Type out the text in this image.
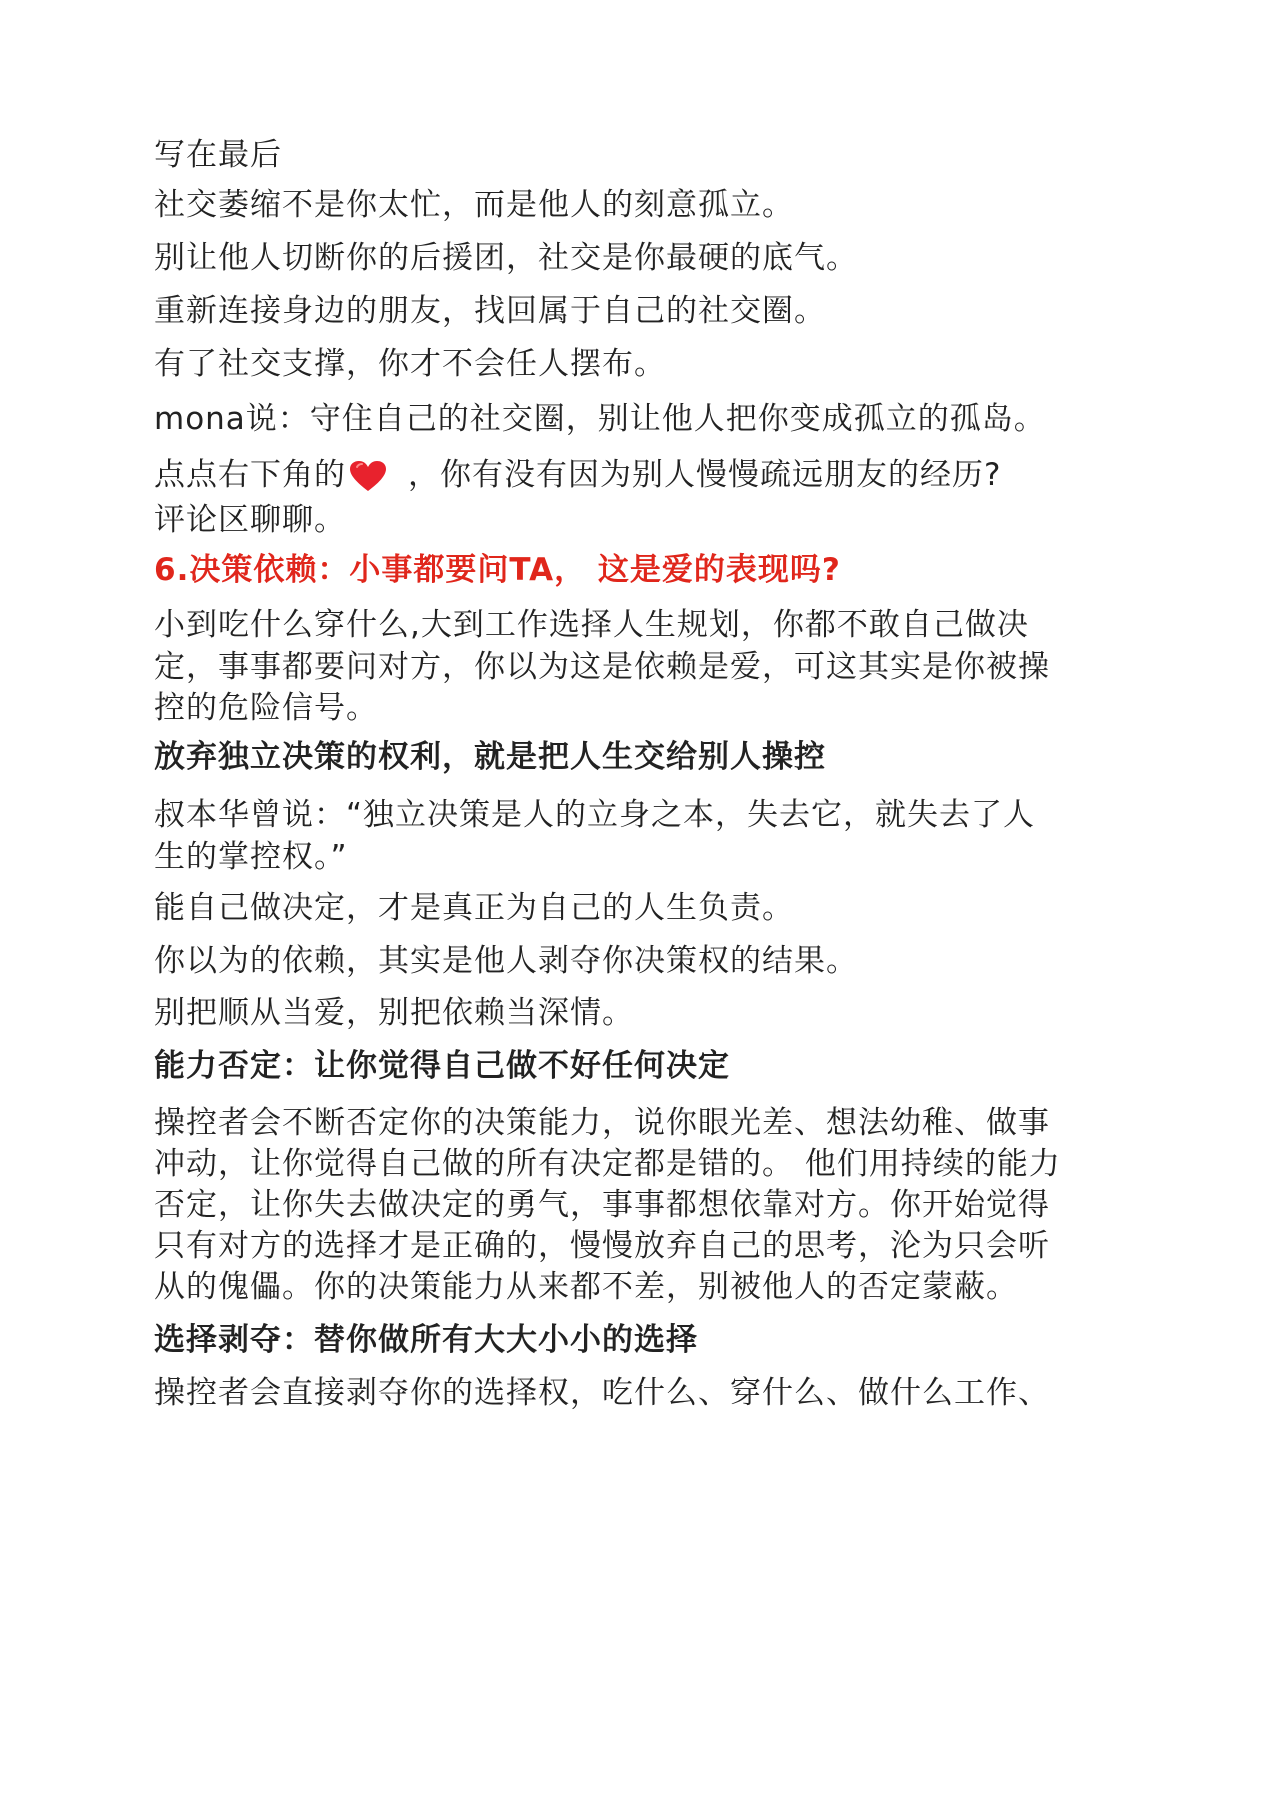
写在最后
社交萎缩不是你太忙，而是他人的刻意孤立。
别让他人切断你的后援团，社交是你最硬的底气。
重新连接身边的朋友，找回属于自己的社交圈。
有了社交支撑，你才不会任人摆布。
mona说：守住自己的社交圈，别让他人把你变成孤立的孤岛。
点点右下角的 ，你有没有因为别人慢慢疏远朋友的经历?
评论区聊聊。
6.决策依赖：小事都要问TA， 这是爱的表现吗?
小到吃什么穿什么,大到工作选择人生规划，你都不敢自己做决
定，事事都要问对方，你以为这是依赖是爱，可这其实是你被操
控的危险信号。
放弃独立决策的权利，就是把人生交给别人操控
叔本华曾说：“独立决策是人的立身之本，失去它，就失去了人
生的掌控权。”
能自己做决定，才是真正为自己的人生负责。
你以为的依赖，其实是他人剥夺你决策权的结果。
别把顺从当爱，别把依赖当深情。
能力否定：让你觉得自己做不好任何决定
操控者会不断否定你的决策能力，说你眼光差、想法幼稚、做事
冲动，让你觉得自己做的所有决定都是错的。 他们用持续的能力
否定，让你失去做决定的勇气，事事都想依靠对方。你开始觉得
只有对方的选择才是正确的，慢慢放弃自己的思考，沦为只会听
从的傀儡。你的决策能力从来都不差，别被他人的否定蒙蔽。
选择剥夺：替你做所有大大小小的选择
操控者会直接剥夺你的选择权，吃什么、穿什么、做什么工作、
